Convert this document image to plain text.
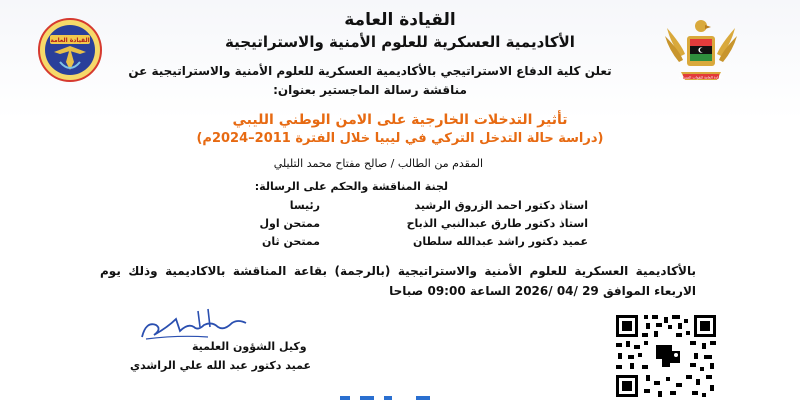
القيادة العامة
القيادة العامة للقوات المسلحة
القيادة العامة
الأكاديمية العسكرية للعلوم الأمنية والاستراتيجية
تعلن كلية الدفاع الاستراتيجي بالأكاديمية العسكرية للعلوم الأمنية والاستراتيجية عن مناقشة رسالة الماجستير بعنوان:
تأثير التدخلات الخارجية على الامن الوطني الليبي
(دراسة حالة التدخل التركي في ليبيا خلال الفترة 2011–2024م)
المقدم من الطالب / صالح مفتاح محمد التليلي
لجنة المناقشة والحكم على الرسالة:
استاذ دكتور احمد الزروق الرشيد
رئيسا
استاذ دكتور طارق عبدالنبي الذباح
ممتحن اول
عميد دكتور راشد عبدالله سلطان
ممتحن ثان
بالأكاديمية العسكرية للعلوم الأمنية والاستراتيجية (بالرجمة) بقاعة المناقشة بالاكاديمية وذلك يوم الاربعاء الموافق 29 /04 /2026 الساعة 09:00 صباحا
وكيل الشؤون العلمية
عميد دكتور عبد الله علي الراشدي
